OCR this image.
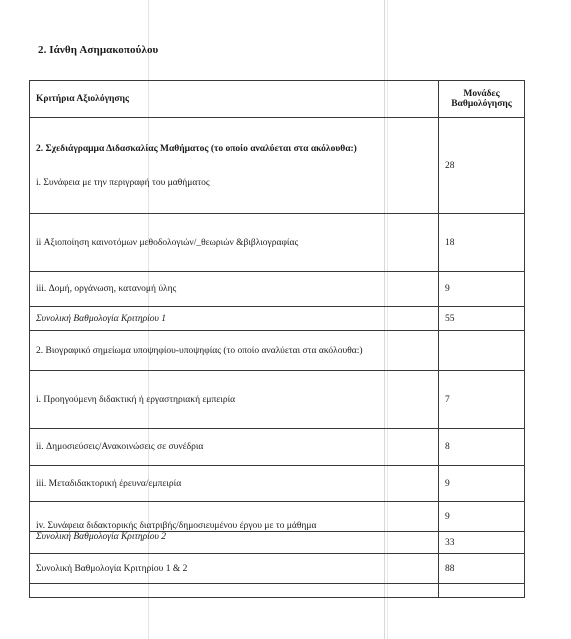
2. Ιάνθη Ασημακοπούλου
Κριτήρια Αξιολόγησης	Μονάδες Βαθμολόγησης

2. Σχεδιάγραμμα Διδασκαλίας Μαθήματος (το οποίο αναλύεται στα ακόλουθα:)
i. Συνάφεια με την περιγραφή του μαθήματος	28
ii Αξιοποίηση καινοτόμων μεθοδολογιών/_θεωριών &βιβλιογραφίας	18
iii. Δομή, οργάνωση, κατανομή ύλης	9
Συνολική Βαθμολογία Κριτηρίου 1	55
2. Βιογραφικό σημείωμα υποψηφίου-υποψηφίας (το οποίο αναλύεται στα ακόλουθα:)	
i. Προηγούμενη διδακτική ή εργαστηριακή εμπειρία	7
ii. Δημοσιεύσεις/Ανακοινώσεις σε συνέδρια	8
iii. Μεταδιδακτορική έρευνα/εμπειρία	9
iv. Συνάφεια διδακτορικής διατριβής/δημοσιευμένου έργου με το μάθημα	9
Συνολική Βαθμολογία Κριτηρίου 2	33
Συνολική Βαθμολογία Κριτηρίου 1 & 2	88
